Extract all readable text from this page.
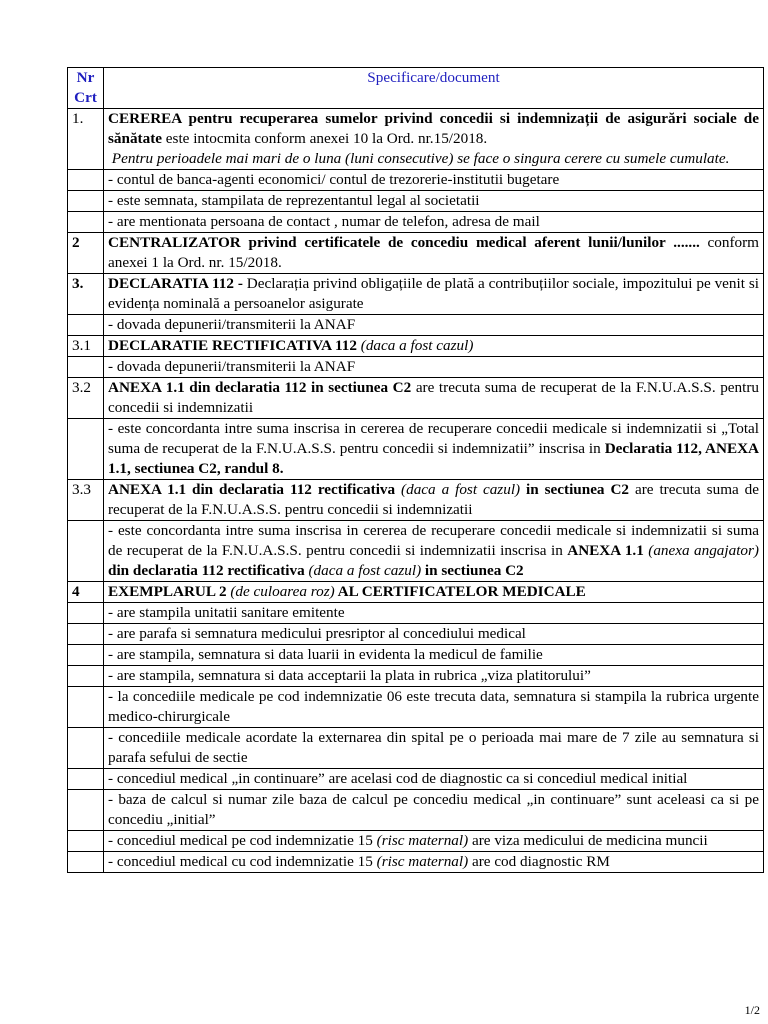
Nr Crt	Specificare/document
1.	CEREREA pentru recuperarea sumelor privind concedii si indemnizații de asigurări sociale de sănătate este intocmita conform anexei 10 la Ord. nr.15/2018.
Pentru perioadele mai mari de o luna (luni consecutive) se face o singura cerere cu sumele cumulate.

	- contul de banca-agenti economici/ contul de trezorerie-institutii bugetare
	- este semnata, stampilata de reprezentantul legal al societatii
	- are mentionata persoana de contact , numar de telefon, adresa de mail
2	CENTRALIZATOR privind certificatele de concediu medical aferent lunii/lunilor ....... conform anexei 1 la Ord. nr. 15/2018.
3.	DECLARATIA 112 - Declarația privind obligațiile de plată a contribuțiilor sociale, impozitului pe venit si evidența nominală a persoanelor asigurate
	- dovada depunerii/transmiterii la ANAF
3.1	DECLARATIE RECTIFICATIVA 112 (daca a fost cazul)
	- dovada depunerii/transmiterii la ANAF
3.2	ANEXA 1.1 din declaratia 112 in sectiunea C2 are trecuta suma de recuperat de la F.N.U.A.S.S. pentru concedii si indemnizatii
	- este concordanta intre suma inscrisa in cererea de recuperare concedii medicale si indemnizatii si „Total suma de recuperat de la F.N.U.A.S.S. pentru concedii si indemnizatii” inscrisa in Declaratia 112, ANEXA 1.1, sectiunea C2, randul 8.
3.3	ANEXA 1.1 din declaratia 112 rectificativa (daca a fost cazul) in sectiunea C2 are trecuta suma de recuperat de la F.N.U.A.S.S. pentru concedii si indemnizatii
	- este concordanta intre suma inscrisa in cererea de recuperare concedii medicale si indemnizatii si suma de recuperat de la F.N.U.A.S.S. pentru concedii si indemnizatii inscrisa in ANEXA 1.1 (anexa angajator) din declaratia 112 rectificativa (daca a fost cazul) in sectiunea C2
4	EXEMPLARUL 2 (de culoarea roz) AL CERTIFICATELOR MEDICALE
	- are stampila unitatii sanitare emitente
	- are parafa si semnatura medicului presriptor al concediului medical
	- are stampila, semnatura si data luarii in evidenta la medicul de familie
	- are stampila, semnatura si data acceptarii la plata in rubrica „viza platitorului”
	- la concediile medicale pe cod indemnizatie 06 este trecuta data, semnatura si stampila la rubrica urgente medico-chirurgicale
	- concediile medicale acordate la externarea din spital pe o perioada mai mare de 7 zile au semnatura si parafa sefului de sectie
	- concediul medical „in continuare” are acelasi cod de diagnostic ca si concediul medical initial
	- baza de calcul si numar zile baza de calcul pe concediu medical „in continuare” sunt aceleasi ca si pe concediu „initial”
	- concediul medical pe cod indemnizatie 15 (risc maternal) are viza medicului de medicina muncii
	- concediul medical cu cod indemnizatie 15 (risc maternal) are cod diagnostic RM
1/2
